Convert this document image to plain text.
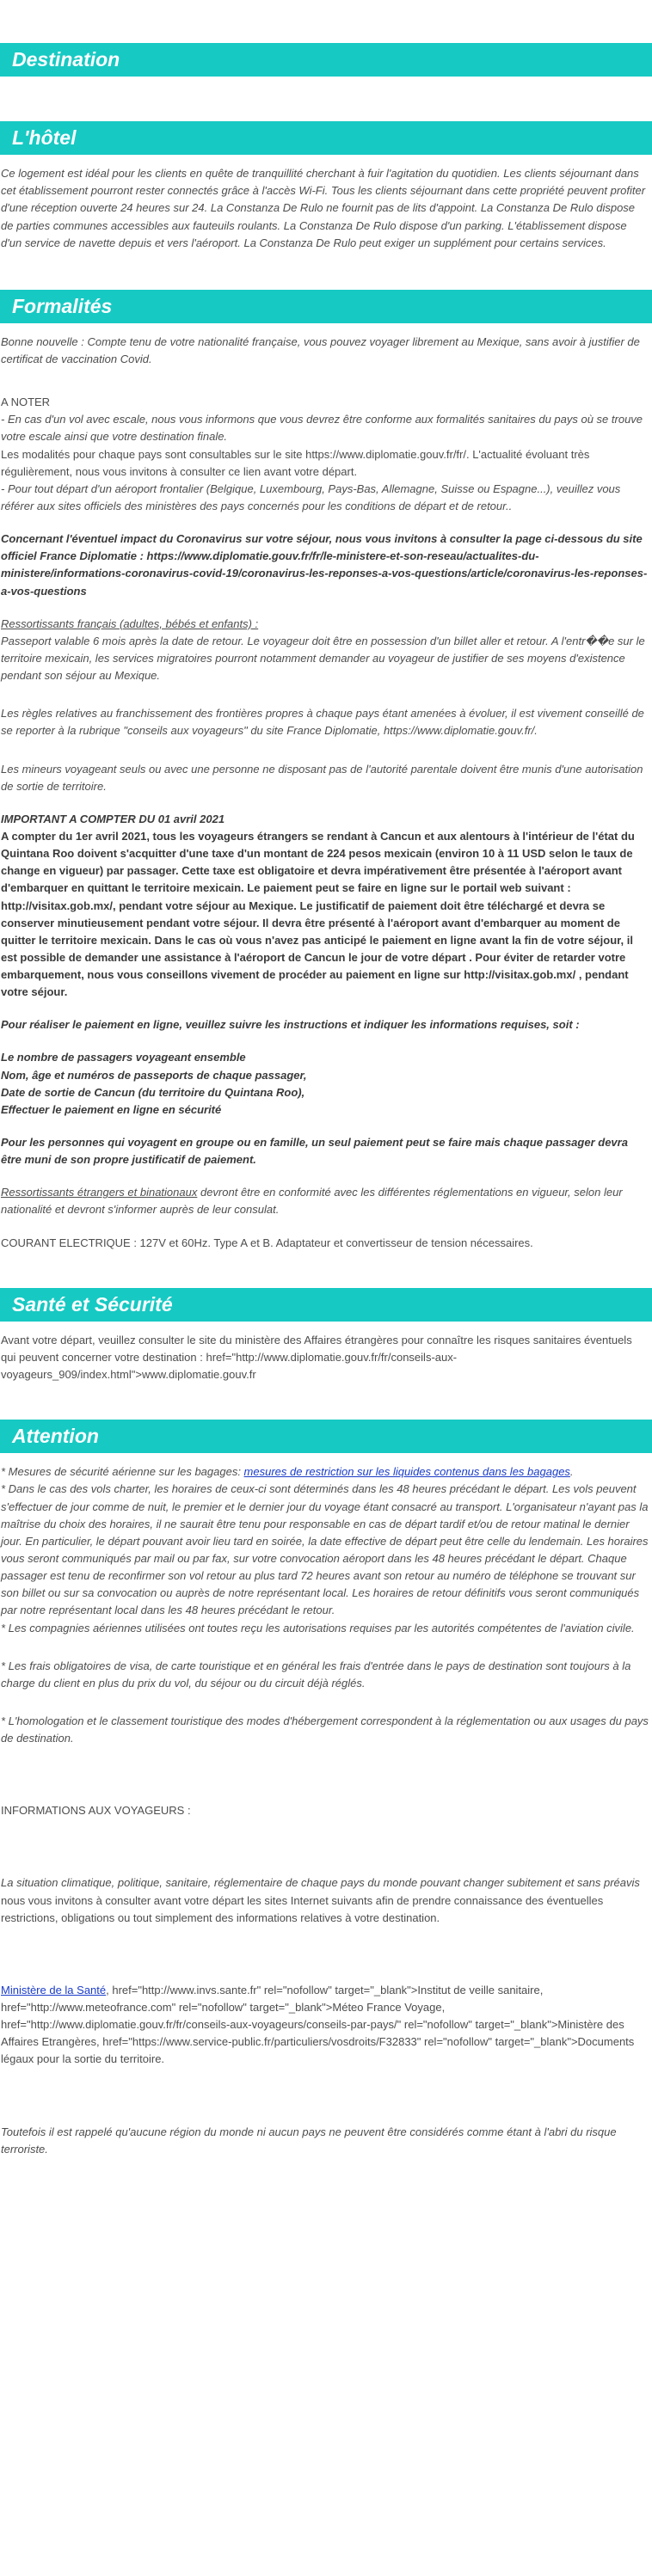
Destination
L'hôtel

Ce logement est idéal pour les clients en quête de tranquillité cherchant à fuir l'agitation du quotidien. Les clients séjournant dans cet établissement pourront rester connectés grâce à l'accès Wi-Fi. Tous les clients séjournant dans cette propriété peuvent profiter d'une réception ouverte 24 heures sur 24. La Constanza De Rulo ne fournit pas de lits d'appoint. La Constanza De Rulo dispose de parties communes accessibles aux fauteuils roulants. La Constanza De Rulo dispose d'un parking. L'établissement dispose d'un service de navette depuis et vers l'aéroport. La Constanza De Rulo peut exiger un supplément pour certains services.

Formalités

Bonne nouvelle : Compte tenu de votre nationalité française, vous pouvez voyager librement au Mexique, sans avoir à justifier de certificat de vaccination Covid.

A NOTER

- En cas d'un vol avec escale, nous vous informons que vous devrez être conforme aux formalités sanitaires du pays où se trouve votre escale ainsi que votre destination finale.

Les modalités pour chaque pays sont consultables sur le site https://www.diplomatie.gouv.fr/fr/. L'actualité évoluant très régulièrement, nous vous invitons à consulter ce lien avant votre départ.

- Pour tout départ d'un aéroport frontalier (Belgique, Luxembourg, Pays-Bas, Allemagne, Suisse ou Espagne...), veuillez vous référer aux sites officiels des ministères des pays concernés pour les conditions de départ et de retour..

Concernant l'éventuel impact du Coronavirus sur votre séjour, nous vous invitons à consulter la page ci-dessous du site officiel France Diplomatie : https://www.diplomatie.gouv.fr/fr/le-ministere-et-son-reseau/actualites-du-ministere/informations-coronavirus-covid-19/coronavirus-les-reponses-a-vos-questions/article/coronavirus-les-reponses-a-vos-questions

Ressortissants français (adultes, bébés et enfants) :

Passeport valable 6 mois après la date de retour. Le voyageur doit être en possession d'un billet aller et retour. A l'entr��e sur le territoire mexicain, les services migratoires pourront notamment demander au voyageur de justifier de ses moyens d'existence pendant son séjour au Mexique.

Les règles relatives au franchissement des frontières propres à chaque pays étant amenées à évoluer, il est vivement conseillé de se reporter à la rubrique "conseils aux voyageurs" du site France Diplomatie, https://www.diplomatie.gouv.fr/.

Les mineurs voyageant seuls ou avec une personne ne disposant pas de l'autorité parentale doivent être munis d'une autorisation de sortie de territoire.

IMPORTANT A COMPTER DU 01 avril 2021

A compter du 1er avril 2021, tous les voyageurs étrangers se rendant à Cancun et aux alentours à l'intérieur de l'état du Quintana Roo doivent s'acquitter d'une taxe d'un montant de 224 pesos mexicain (environ 10 à 11 USD selon le taux de change en vigueur) par passager. Cette taxe est obligatoire et devra impérativement être présentée à l'aéroport avant d'embarquer en quittant le territoire mexicain. Le paiement peut se faire en ligne sur le portail web suivant : http://visitax.gob.mx/, pendant votre séjour au Mexique. Le justificatif de paiement doit être téléchargé et devra se conserver minutieusement pendant votre séjour. Il devra être présenté à l'aéroport avant d'embarquer au moment de quitter le territoire mexicain. Dans le cas où vous n'avez pas anticipé le paiement en ligne avant la fin de votre séjour, il est possible de demander une assistance à l'aéroport de Cancun le jour de votre départ . Pour éviter de retarder votre embarquement, nous vous conseillons vivement de procéder au paiement en ligne sur http://visitax.gob.mx/ , pendant votre séjour.

Pour réaliser le paiement en ligne, veuillez suivre les instructions et indiquer les informations requises, soit :

Le nombre de passagers voyageant ensemble

Nom, âge et numéros de passeports de chaque passager,

Date de sortie de Cancun (du territoire du Quintana Roo),

Effectuer le paiement en ligne en sécurité

Pour les personnes qui voyagent en groupe ou en famille, un seul paiement peut se faire mais chaque passager devra être muni de son propre justificatif de paiement.

Ressortissants étrangers et binationaux devront être en conformité avec les différentes réglementations en vigueur, selon leur nationalité et devront s'informer auprès de leur consulat.

COURANT ELECTRIQUE : 127V et 60Hz. Type A et B. Adaptateur et convertisseur de tension nécessaires.

Santé et Sécurité

Avant votre départ, veuillez consulter le site du ministère des Affaires étrangères pour connaître les risques sanitaires éventuels qui peuvent concerner votre destination : href="http://www.diplomatie.gouv.fr/fr/conseils-aux-voyageurs_909/index.html">www.diplomatie.gouv.fr

Attention

* Mesures de sécurité aérienne sur les bagages: mesures de restriction sur les liquides contenus dans les bagages.

* Dans le cas des vols charter, les horaires de ceux-ci sont déterminés dans les 48 heures précédant le départ. Les vols peuvent s'effectuer de jour comme de nuit, le premier et le dernier jour du voyage étant consacré au transport. L'organisateur n'ayant pas la maîtrise du choix des horaires, il ne saurait être tenu pour responsable en cas de départ tardif et/ou de retour matinal le dernier jour. En particulier, le départ pouvant avoir lieu tard en soirée, la date effective de départ peut être celle du lendemain. Les horaires vous seront communiqués par mail ou par fax, sur votre convocation aéroport dans les 48 heures précédant le départ. Chaque passager est tenu de reconfirmer son vol retour au plus tard 72 heures avant son retour au numéro de téléphone se trouvant sur son billet ou sur sa convocation ou auprès de notre représentant local. Les horaires de retour définitifs vous seront communiqués par notre représentant local dans les 48 heures précédant le retour.

* Les compagnies aériennes utilisées ont toutes reçu les autorisations requises par les autorités compétentes de l'aviation civile.

* Les frais obligatoires de visa, de carte touristique et en général les frais d'entrée dans le pays de destination sont toujours à la charge du client en plus du prix du vol, du séjour ou du circuit déjà réglés.

* L'homologation et le classement touristique des modes d'hébergement correspondent à la réglementation ou aux usages du pays de destination.

INFORMATIONS AUX VOYAGEURS :

La situation climatique, politique, sanitaire, réglementaire de chaque pays du monde pouvant changer subitement et sans préavis

nous vous invitons à consulter avant votre départ les sites Internet suivants afin de prendre connaissance des éventuelles restrictions, obligations ou tout simplement des informations relatives à votre destination.

Ministère de la Santé, href="http://www.invs.sante.fr" rel="nofollow" target="_blank">Institut de veille sanitaire, href="http://www.meteofrance.com" rel="nofollow" target="_blank">Méteo France Voyage, href="http://www.diplomatie.gouv.fr/fr/conseils-aux-voyageurs/conseils-par-pays/" rel="nofollow" target="_blank">Ministère des Affaires Etrangères, href="https://www.service-public.fr/particuliers/vosdroits/F32833" rel="nofollow" target="_blank">Documents légaux pour la sortie du territoire.

Toutefois il est rappelé qu'aucune région du monde ni aucun pays ne peuvent être considérés comme étant à l'abri du risque terroriste.
